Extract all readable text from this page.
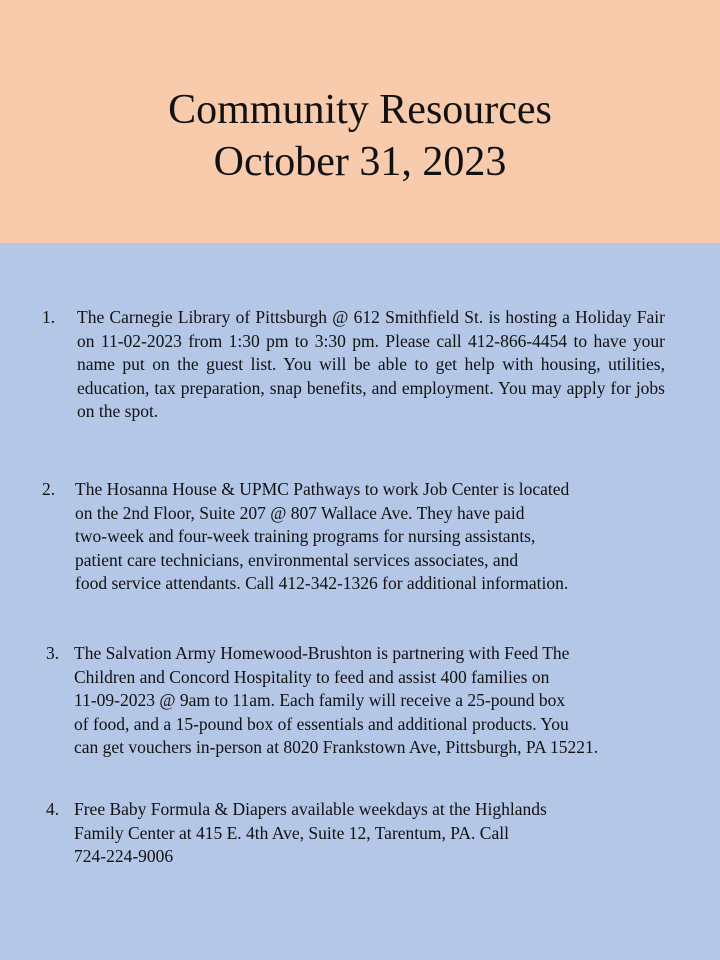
Community Resources
October 31, 2023
1. The Carnegie Library of Pittsburgh @ 612 Smithfield St. is hosting a Holiday Fair on 11-02-2023 from 1:30 pm to 3:30 pm. Please call 412-866-4454 to have your name put on the guest list. You will be able to get help with housing, utilities, education, tax preparation, snap benefits, and employment. You may apply for jobs on the spot.
2. The Hosanna House & UPMC Pathways to work Job Center is located
on the 2nd Floor, Suite 207 @ 807 Wallace Ave. They have paid
two-week and four-week training programs for nursing assistants,
patient care technicians, environmental services associates, and
food service attendants. Call 412-342-1326 for additional information.
3. The Salvation Army Homewood-Brushton is partnering with Feed The
Children and Concord Hospitality to feed and assist 400 families on
11-09-2023 @ 9am to 11am. Each family will receive a 25-pound box
of food, and a 15-pound box of essentials and additional products. You
can get vouchers in-person at 8020 Frankstown Ave, Pittsburgh, PA 15221.
4. Free Baby Formula & Diapers available weekdays at the Highlands
Family Center at 415 E. 4th Ave, Suite 12, Tarentum, PA. Call
724-224-9006
